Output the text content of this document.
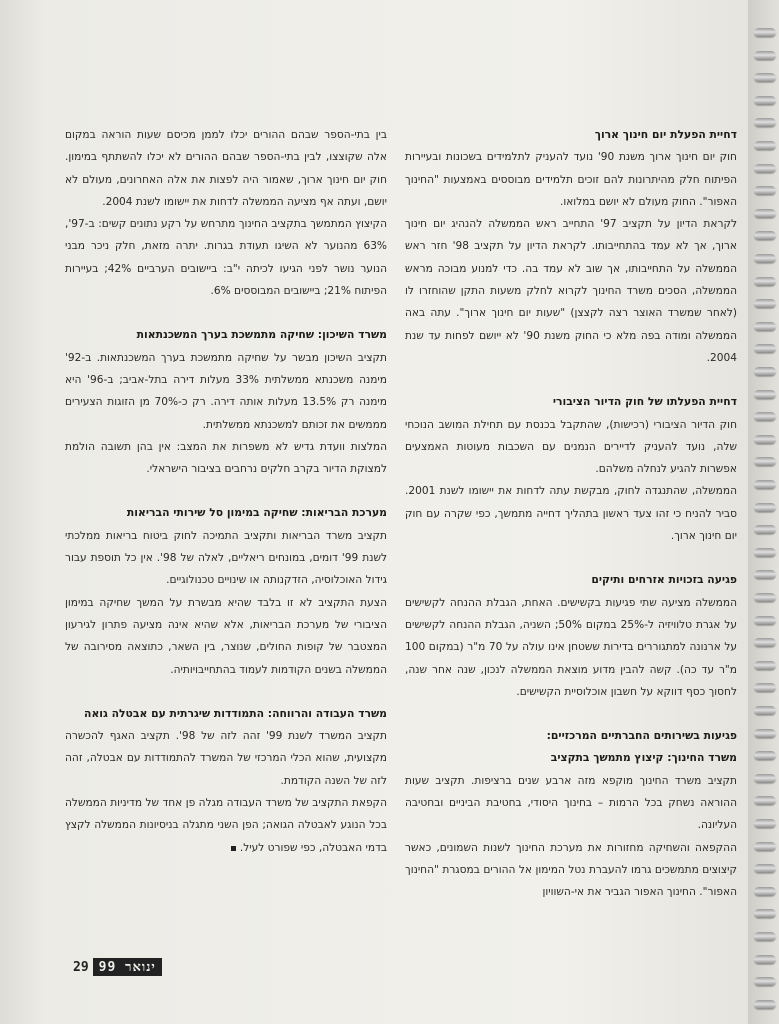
דחיית הפעלת יום חינוך ארוך
חוק יום חינוך ארוך משנת 90' נועד להעניק לתלמידים בשכונות ובעיירות הפיתוח חלק מהיתרונות להם זוכים תלמידים מבוססים באמצעות "החינוך האפור". החוק מעולם לא יושם במלואו.
לקראת הדיון על תקציב 97' התחייב ראש הממשלה להנהיג יום חינוך ארוך, אך לא עמד בהתחייבותו. לקראת הדיון על תקציב 98' חזר ראש הממשלה על התחייבותו, אך שוב לא עמד בה. כדי למנוע מבוכה מראש הממשלה, הסכים משרד החינוך לקרוא לחלק משעות התקן שהוחזרו לו (לאחר שמשרד האוצר רצה לקצצן) "שעות יום חינוך ארוך". עתה באה הממשלה ומודה בפה מלא כי החוק משנת 90' לא ייושם לפחות עד שנת 2004.
דחיית הפעלתו של חוק הדיור הציבורי
חוק הדיור הציבורי (רכישות), שהתקבל בכנסת עם תחילת המושב הנוכחי שלה, נועד להעניק לדיירים הנמנים עם השכבות מעוטות האמצעים אפשרות להגיע לנחלה משלהם.
הממשלה, שהתנגדה לחוק, מבקשת עתה לדחות את יישומו לשנת 2001. סביר להניח כי זהו צעד ראשון בתהליך דחייה מתמשך, כפי שקרה עם חוק יום חינוך ארוך.
פגיעה בזכויות אזרחים ותיקים
הממשלה מציעה שתי פגיעות בקשישים. האחת, הגבלת ההנחה לקשישים על אגרת טלוויזיה ל-25% במקום 50%; השניה, הגבלת ההנחה לקשישים על ארנונה למתגוררים בדירות ששטחן אינו עולה על 70 מ"ר (במקום 100 מ"ר עד כה). קשה להבין מדוע מוצאת הממשלה לנכון, שנה אחר שנה, לחסוך כסף דווקא על חשבון אוכלוסיית הקשישים.
פגיעות בשירותים החברתיים המרכזיים:
משרד החינוך: קיצוץ מתמשך בתקציב
תקציב משרד החינוך מוקפא מזה ארבע שנים ברציפות. תקציב שעות ההוראה נשחק בכל הרמות – בחינוך היסודי, בחטיבת הביניים ובחטיבה העליונה.
ההקפאה והשחיקה מחזורות את מערכת החינוך לשנות השמונים, כאשר קיצוצים מתמשכים גרמו להעברת נטל המימון אל ההורים במסגרת "החינוך האפור". החינוך האפור הגביר את אי-השוויון
בין בתי-הספר שבהם ההורים יכלו לממן מכיסם שעות הוראה במקום אלה שקוצצו, לבין בתי-הספר שבהם ההורים לא יכלו להשתתף במימון. חוק יום חינוך ארוך, שאמור היה לפצות את אלה האחרונים, מעולם לא יושם, ועתה אף מציעה הממשלה לדחות את יישומו לשנת 2004.
הקיצוץ המתמשך בתקציב החינוך מתרחש על רקע נתונים קשים: ב-97', 63% מהנוער לא השיגו תעודת בגרות. יתרה מזאת, חלק ניכר מבני הנוער נושר לפני הגיעו לכיתה י"ב: ביישובים הערביים 42%; בעיירות הפיתוח 21%; ביישובים המבוססים 6%.
משרד השיכון: שחיקה מתמשכת בערך המשכנתאות
תקציב השיכון מבשר על שחיקה מתמשכת בערך המשכנתאות. ב-92' מימנה משכנתא ממשלתית 33% מעלות דירה בתל-אביב; ב-96' היא מימנה רק 13.5% מעלות אותה דירה. רק כ-70% מן הזוגות הצעירים מממשים את זכותם למשכנתא ממשלתית.
המלצות וועדת גדיש לא משפרות את המצב: אין בהן תשובה הולמת למצוקת הדיור בקרב חלקים נרחבים בציבור הישראלי.
מערכת הבריאות: שחיקה במימון סל שירותי הבריאות
תקציב משרד הבריאות ותקציב התמיכה לחוק ביטוח בריאות ממלכתי לשנת 99' דומים, במונחים ריאליים, לאלה של 98'. אין כל תוספת עבור גידול האוכלוסיה, הזדקנותה או שינויים טכנולוגיים.
הצעת התקציב לא זו בלבד שהיא מבשרת על המשך שחיקה במימון הציבורי של מערכת הבריאות, אלא שהיא אינה מציעה פתרון לגירעון המצטבר של קופות החולים, שנוצר, בין השאר, כתוצאה מסירובה של הממשלה בשנים הקודמות לעמוד בהתחייבויותיה.
משרד העבודה והרווחה: התמודדות שיגרתית עם אבטלה גואה
תקציב המשרד לשנת 99' זהה לזה של 98'. תקציב האגף להכשרה מקצועית, שהוא הכלי המרכזי של המשרד להתמודדות עם אבטלה, זהה לזה של השנה הקודמת.
הקפאת התקציב של משרד העבודה מגלה פן אחד של מדיניות הממשלה בכל הנוגע לאבטלה הגואה; הפן השני מתגלה בניסיונות הממשלה לקצץ בדמי האבטלה, כפי שפורט לעיל.
29 ינואר 99
